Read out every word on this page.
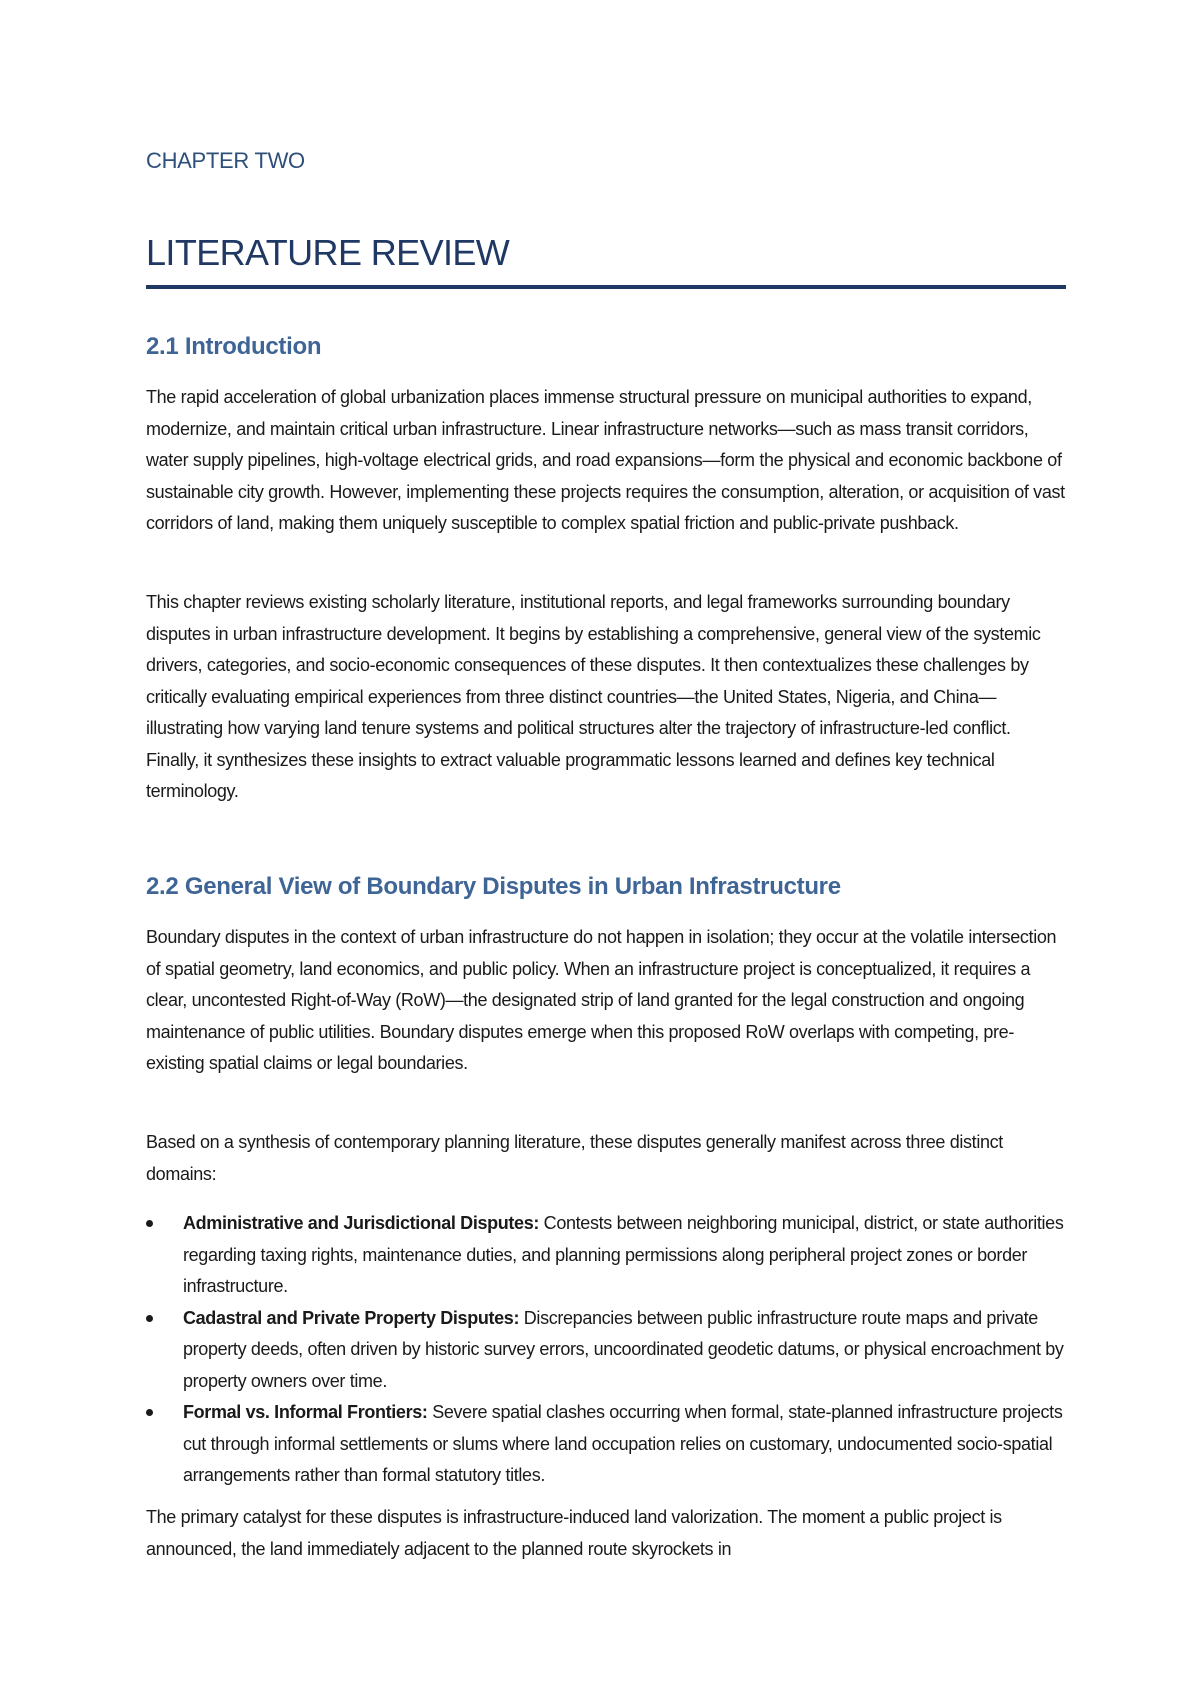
CHAPTER TWO
LITERATURE REVIEW
2.1 Introduction

The rapid acceleration of global urbanization places immense structural pressure on municipal authorities to expand, modernize, and maintain critical urban infrastructure. Linear infrastructure networks—such as mass transit corridors, water supply pipelines, high-voltage electrical grids, and road expansions—form the physical and economic backbone of sustainable city growth. However, implementing these projects requires the consumption, alteration, or acquisition of vast corridors of land, making them uniquely susceptible to complex spatial friction and public-private pushback.

This chapter reviews existing scholarly literature, institutional reports, and legal frameworks surrounding boundary disputes in urban infrastructure development. It begins by establishing a comprehensive, general view of the systemic drivers, categories, and socio-economic consequences of these disputes. It then contextualizes these challenges by critically evaluating empirical experiences from three distinct countries—the United States, Nigeria, and China—illustrating how varying land tenure systems and political structures alter the trajectory of infrastructure-led conflict. Finally, it synthesizes these insights to extract valuable programmatic lessons learned and defines key technical terminology.

2.2 General View of Boundary Disputes in Urban Infrastructure

Boundary disputes in the context of urban infrastructure do not happen in isolation; they occur at the volatile intersection of spatial geometry, land economics, and public policy. When an infrastructure project is conceptualized, it requires a clear, uncontested Right-of-Way (RoW)—the designated strip of land granted for the legal construction and ongoing maintenance of public utilities. Boundary disputes emerge when this proposed RoW overlaps with competing, pre-existing spatial claims or legal boundaries.

Based on a synthesis of contemporary planning literature, these disputes generally manifest across three distinct domains:

Administrative and Jurisdictional Disputes: Contests between neighboring municipal, district, or state authorities regarding taxing rights, maintenance duties, and planning permissions along peripheral project zones or border infrastructure.
Cadastral and Private Property Disputes: Discrepancies between public infrastructure route maps and private property deeds, often driven by historic survey errors, uncoordinated geodetic datums, or physical encroachment by property owners over time.
Formal vs. Informal Frontiers: Severe spatial clashes occurring when formal, state-planned infrastructure projects cut through informal settlements or slums where land occupation relies on customary, undocumented socio-spatial arrangements rather than formal statutory titles.

The primary catalyst for these disputes is infrastructure-induced land valorization. The moment a public project is announced, the land immediately adjacent to the planned route skyrockets in
